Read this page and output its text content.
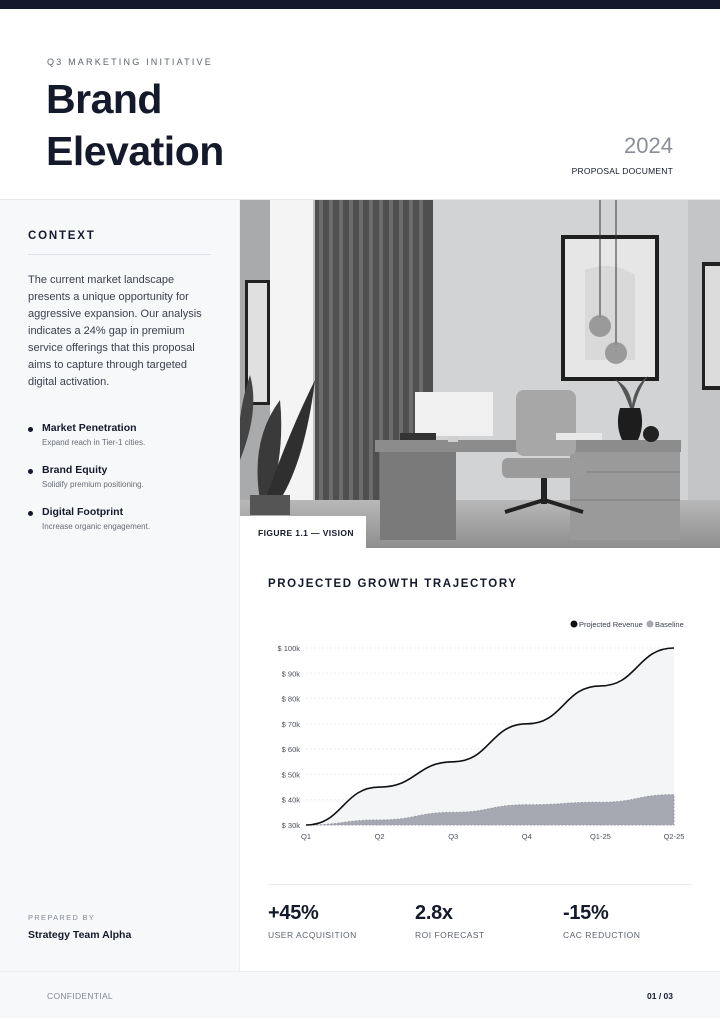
Q3 MARKETING INITIATIVE
Brand
Elevation	2024
PROPOSAL DOCUMENT
CONTEXT
The current market landscape presents a unique opportunity for aggressive expansion. Our analysis indicates a 24% gap in premium service offerings that this proposal aims to capture through targeted digital activation.
Market Penetration
Expand reach in Tier-1 cities.
Brand Equity
Solidify premium positioning.
Digital Footprint
Increase organic engagement.
PREPARED BY
Strategy Team Alpha
FIGURE 1.1 — VISION
PROJECTED GROWTH TRAJECTORY
$ 30k
$ 40k
$ 50k
$ 60k
$ 70k
$ 80k
$ 90k
$ 100k
Q1	Q2	Q3	Q4	Q1-25	Q2-25
Projected Revenue Baseline
+45%
USER ACQUISITION
2.8x
ROI FORECAST
-15%
CAC REDUCTION
CONFIDENTIAL	01 / 03
